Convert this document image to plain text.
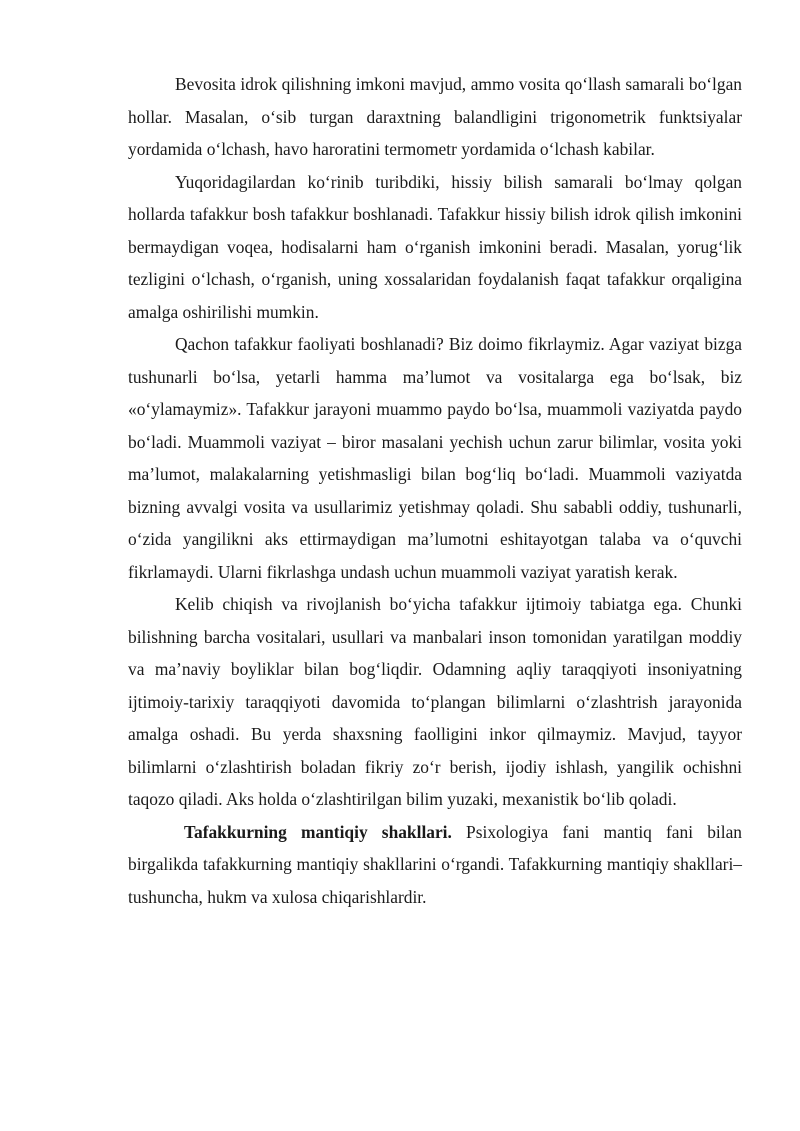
Bevosita idrok qilishning imkoni mavjud, ammo vosita qo‘llash samarali bo‘lgan hollar. Masalan, o‘sib turgan daraxtning balandligini trigonometrik funktsiyalar yordamida o‘lchash, havo haroratini termometr yordamida o‘lchash kabilar.

Yuqoridagilardan ko‘rinib turibdiki, hissiy bilish samarali bo‘lmay qolgan hollarda tafakkur bosh tafakkur boshlanadi. Tafakkur hissiy bilish idrok qilish imkonini bermaydigan voqea, hodisalarni ham o‘rganish imkonini beradi. Masalan, yorug‘lik tezligini o‘lchash, o‘rganish, uning xossalaridan foydalanish faqat tafakkur orqaligina amalga oshirilishi mumkin.

Qachon tafakkur faoliyati boshlanadi? Biz doimo fikrlaymiz. Agar vaziyat bizga tushunarli bo‘lsa, yetarli hamma ma’lumot va vositalarga ega bo‘lsak, biz «o‘ylamaymiz». Tafakkur jarayoni muammo paydo bo‘lsa, muammoli vaziyatda paydo bo‘ladi. Muammoli vaziyat – biror masalani yechish uchun zarur bilimlar, vosita yoki ma’lumot, malakalarning yetishmasligi bilan bog‘liq bo‘ladi. Muammoli vaziyatda bizning avvalgi vosita va usullarimiz yetishmay qoladi. Shu sababli oddiy, tushunarli, o‘zida yangilikni aks ettirmaydigan ma’lumotni eshitayotgan talaba va o‘quvchi fikrlamaydi. Ularni fikrlashga undash uchun muammoli vaziyat yaratish kerak.

Kelib chiqish va rivojlanish bo‘yicha tafakkur ijtimoiy tabiatga ega. Chunki bilishning barcha vositalari, usullari va manbalari inson tomonidan yaratilgan moddiy va ma’naviy boyliklar bilan bog‘liqdir. Odamning aqliy taraqqiyoti insoniyatning ijtimoiy-tarixiy taraqqiyoti davomida to‘plangan bilimlarni o‘zlashtrish jarayonida amalga oshadi. Bu yerda shaxsning faolligini inkor qilmaymiz. Mavjud, tayyor bilimlarni o‘zlashtirish boladan fikriy zo‘r berish, ijodiy ishlash, yangilik ochishni taqozo qiladi. Aks holda o‘zlashtirilgan bilim yuzaki, mexanistik bo‘lib qoladi.

Tafakkurning mantiqiy shakllari. Psixologiya fani mantiq fani bilan birgalikda tafakkurning mantiqiy shakllarini o‘rgandi. Tafakkurning mantiqiy shakllari–tushuncha, hukm va xulosa chiqarishlardir.
